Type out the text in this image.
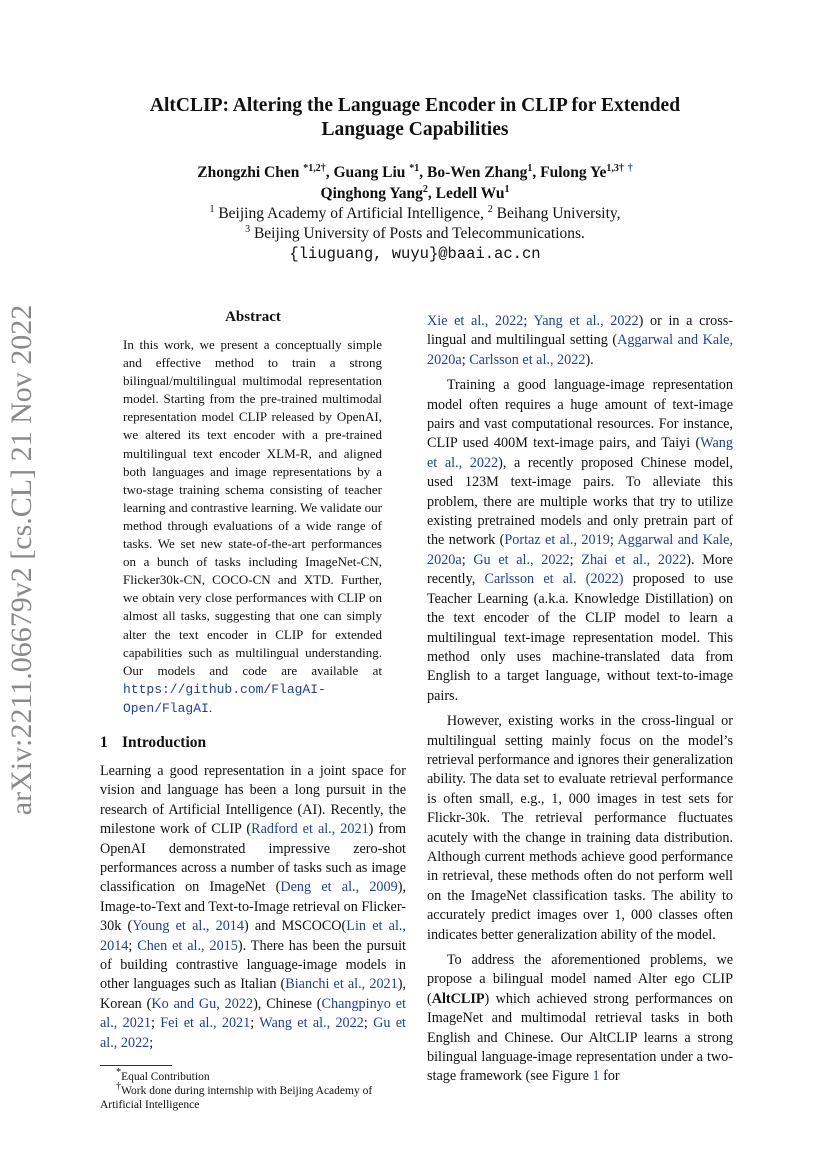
arXiv:2211.06679v2 [cs.CL] 21 Nov 2022
AltCLIP: Altering the Language Encoder in CLIP for Extended
Language Capabilities
Zhongzhi Chen $^{*1,2\dagger}$, Guang Liu $^{*1}$, Bo-Wen Zhang$^1$, Fulong $Ye^{1,3\dagger}$ †
Qinghong Yang$^2$, Ledell Wu$^1$
$^1$ Beijing Academy of Artificial Intelligence, $^2$ Beihang University,
$^3$ Beijing University of Posts and Telecommunications.
{liuguang, wuyu}@baai.ac.cn
Abstract

In this work, we present a conceptually simple and effective method to train a strong bilingual/multilingual multimodal representation model. Starting from the pre-trained multimodal representation model CLIP released by OpenAI, we altered its text encoder with a pre-trained multilingual text encoder XLM-R, and aligned both languages and image representations by a two-stage training schema consisting of teacher learning and contrastive learning. We validate our method through evaluations of a wide range of tasks. We set new state-of-the-art performances on a bunch of tasks including ImageNet-CN, Flicker30k-CN, COCO-CN and XTD. Further, we obtain very close performances with CLIP on almost all tasks, suggesting that one can simply alter the text encoder in CLIP for extended capabilities such as multilingual understanding. Our models and code are available at https://github.com/FlagAI-Open/FlagAI.

1 Introduction

Learning a good representation in a joint space for vision and language has been a long pursuit in the research of Artificial Intelligence (AI). Recently, the milestone work of CLIP (Radford et al., 2021) from OpenAI demonstrated impressive zero-shot performances across a number of tasks such as image classification on ImageNet (Deng et al., 2009), Image-to-Text and Text-to-Image retrieval on Flicker-30k (Young et al., 2014) and MSCOCO(Lin et al., 2014; Chen et al., 2015). There has been the pursuit of building contrastive language-image models in other languages such as Italian (Bianchi et al., 2021), Korean (Ko and Gu, 2022), Chinese (Changpinyo et al., 2021; Fei et al., 2021; Wang et al., 2022; Gu et al., 2022;

*Equal Contribution

†Work done during internship with Beijing Academy of Artificial Intelligence

Xie et al., 2022; Yang et al., 2022) or in a cross-lingual and multilingual setting (Aggarwal and Kale, 2020a; Carlsson et al., 2022).

Training a good language-image representation model often requires a huge amount of text-image pairs and vast computational resources. For instance, CLIP used 400M text-image pairs, and Taiyi (Wang et al., 2022), a recently proposed Chinese model, used 123M text-image pairs. To alleviate this problem, there are multiple works that try to utilize existing pretrained models and only pretrain part of the network (Portaz et al., 2019; Aggarwal and Kale, 2020a; Gu et al., 2022; Zhai et al., 2022). More recently, Carlsson et al. (2022) proposed to use Teacher Learning (a.k.a. Knowledge Distillation) on the text encoder of the CLIP model to learn a multilingual text-image representation model. This method only uses machine-translated data from English to a target language, without text-to-image pairs.

However, existing works in the cross-lingual or multilingual setting mainly focus on the model’s retrieval performance and ignores their generalization ability. The data set to evaluate retrieval performance is often small, e.g., 1, 000 images in test sets for Flickr-30k. The retrieval performance fluctuates acutely with the change in training data distribution. Although current methods achieve good performance in retrieval, these methods often do not perform well on the ImageNet classification tasks. The ability to accurately predict images over 1, 000 classes often indicates better generalization ability of the model.

To address the aforementioned problems, we propose a bilingual model named Alter ego CLIP (AltCLIP) which achieved strong performances on ImageNet and multimodal retrieval tasks in both English and Chinese. Our AltCLIP learns a strong bilingual language-image representation under a two-stage framework (see Figure 1 for
